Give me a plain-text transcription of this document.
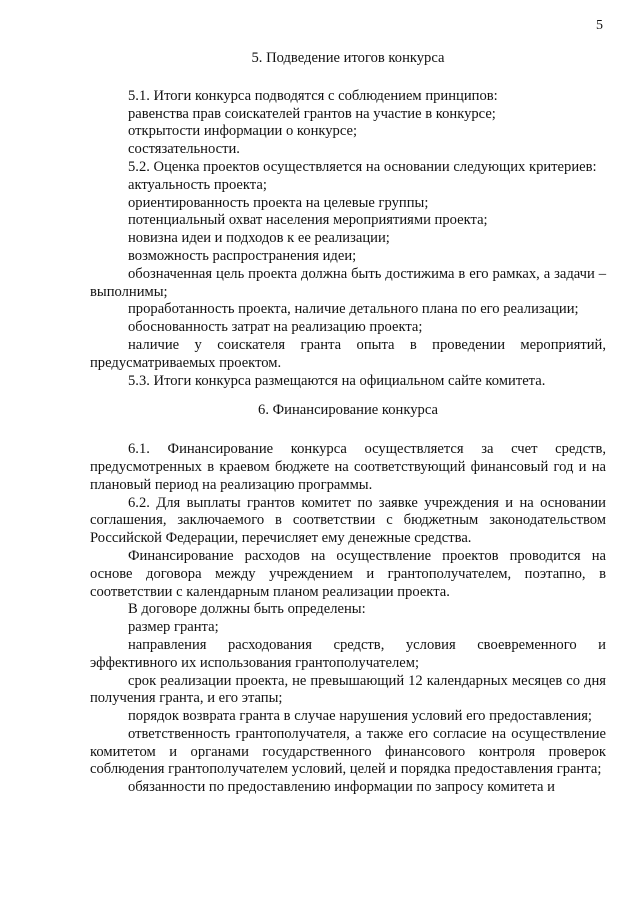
5
5. Подведение итогов конкурса

5.1. Итоги конкурса подводятся с соблюдением принципов:

равенства прав соискателей грантов на участие в конкурсе;

открытости информации о конкурсе;

состязательности.

5.2. Оценка проектов осуществляется на основании следующих критериев:

актуальность проекта;

ориентированность проекта на целевые группы;

потенциальный охват населения мероприятиями проекта;

новизна идеи и подходов к ее реализации;

возможность распространения идеи;

обозначенная цель проекта должна быть достижима в его рамках, а задачи – выполнимы;

проработанность проекта, наличие детального плана по его реализации;

обоснованность затрат на реализацию проекта;

наличие у соискателя гранта опыта в проведении мероприятий, предусматриваемых проектом.

5.3. Итоги конкурса размещаются на официальном сайте комитета.

6. Финансирование конкурса

6.1. Финансирование конкурса осуществляется за счет средств, предусмотренных в краевом бюджете на соответствующий финансовый год и на плановый период на реализацию программы.

6.2. Для выплаты грантов комитет по заявке учреждения и на основании соглашения, заключаемого в соответствии с бюджетным законодательством Российской Федерации, перечисляет ему денежные средства.

Финансирование расходов на осуществление проектов проводится на основе договора между учреждением и грантополучателем, поэтапно, в соответствии с календарным планом реализации проекта.

В договоре должны быть определены:

размер гранта;

направления расходования средств, условия своевременного и эффективного их использования грантополучателем;

срок реализации проекта, не превышающий 12 календарных месяцев со дня получения гранта, и его этапы;

порядок возврата гранта в случае нарушения условий его предоставления;

ответственность грантополучателя, а также его согласие на осуществление комитетом и органами государственного финансового контроля проверок соблюдения грантополучателем условий, целей и порядка предоставления гранта;

обязанности по предоставлению информации по запросу комитета и
